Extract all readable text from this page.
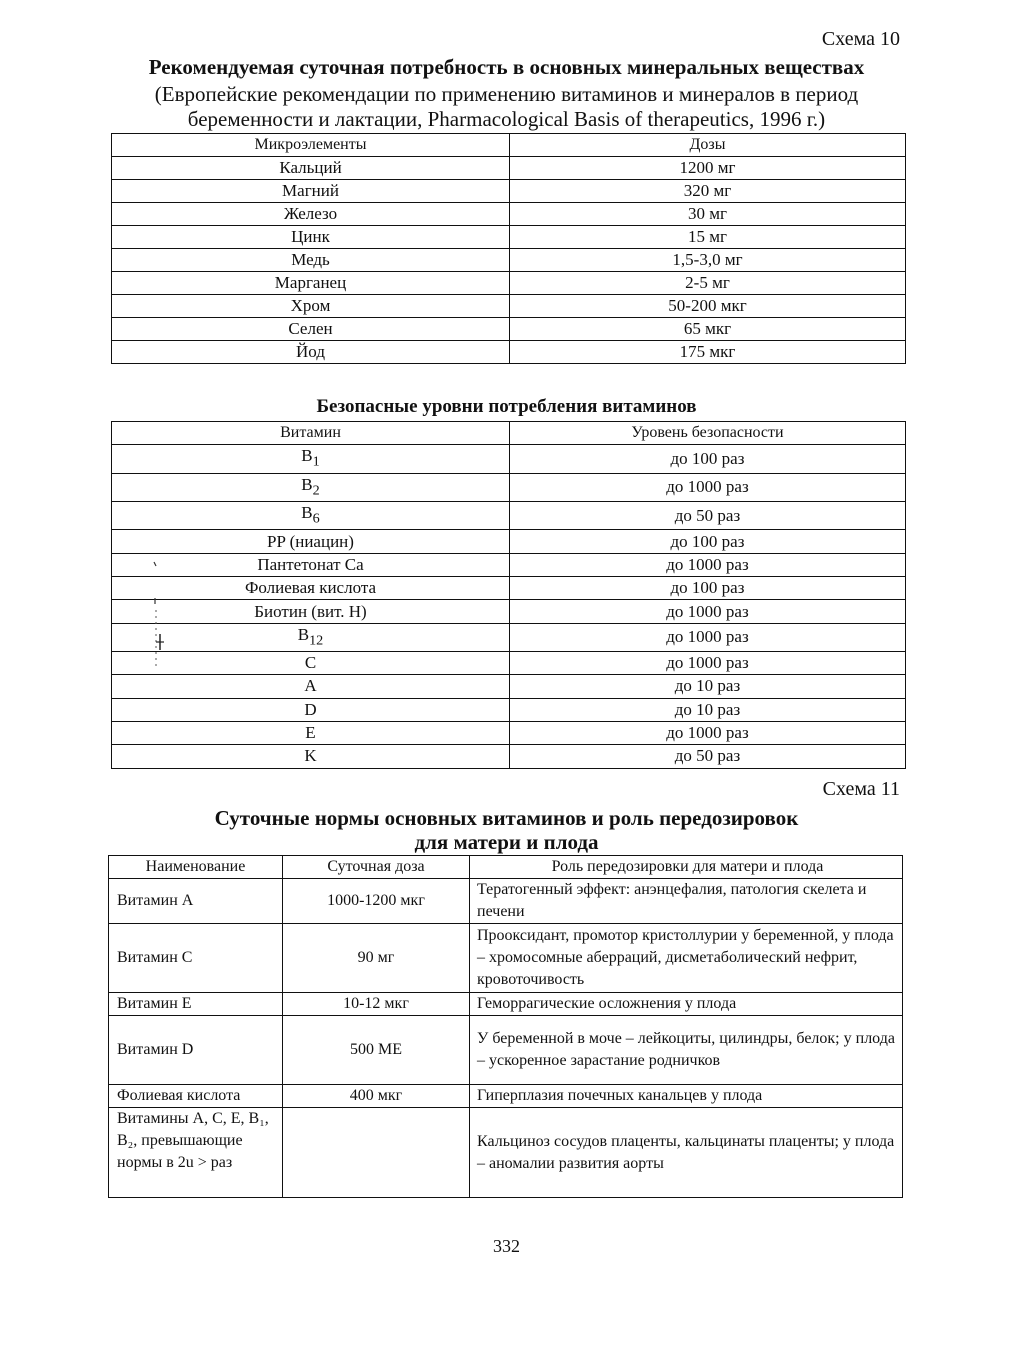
Схема 10
Рекомендуемая суточная потребность в основных минеральных веществах
(Европейские рекомендации по применению витаминов и минералов в период
беременности и лактации, Pharmacological Basis of therapeutics, 1996 г.)
Микроэлементы	Дозы
Кальций	1200 мг
Магний	320 мг
Железо	30 мг
Цинк	15 мг
Медь	1,5-3,0 мг
Марганец	2-5 мг
Хром	50-200 мкг
Селен	65 мкг
Йод	175 мкг
Безопасные уровни потребления витаминов
Витамин	Уровень безопасности
$B_1$	до 100 раз
$B_2$	до 1000 раз
$B_6$	до 50 раз
PP (ниацин)	до 100 раз
Пантетонат Ca	до 1000 раз
Фолиевая кислота	до 100 раз
Биотин (вит. H)	до 1000 раз
$B_{12}$	до 1000 раз
C	до 1000 раз
A	до 10 раз
D	до 10 раз
E	до 1000 раз
K	до 50 раз
Схема 11
Суточные нормы основных витаминов и роль передозировок
для матери и плода
Наименование	Суточная доза	Роль передозировки для матери и плода
Витамин А	1000-1200 мкг	Тератогенный эффект: анэнцефалия, патология скелета и печени
Витамин С	90 мг	Прооксидант, промотор кристоллурии у беременной, у плода – хромосомные аберраций, дисметаболический нефрит, кровоточивость
Витамин Е	10-12 мкг	Геморрагические осложнения у плода
Витамин D	500 МЕ	У беременной в моче – лейкоциты, цилиндры, белок; у плода – ускоренное зарастание родничков
Фолиевая кислота	400 мкг	Гиперплазия почечных канальцев у плода
Витамины А, С, Е, В₁, В₂, превышающие нормы в 2u > раз		Кальциноз сосудов плаценты, кальцинаты плаценты; у плода – аномалии развития аорты
332
